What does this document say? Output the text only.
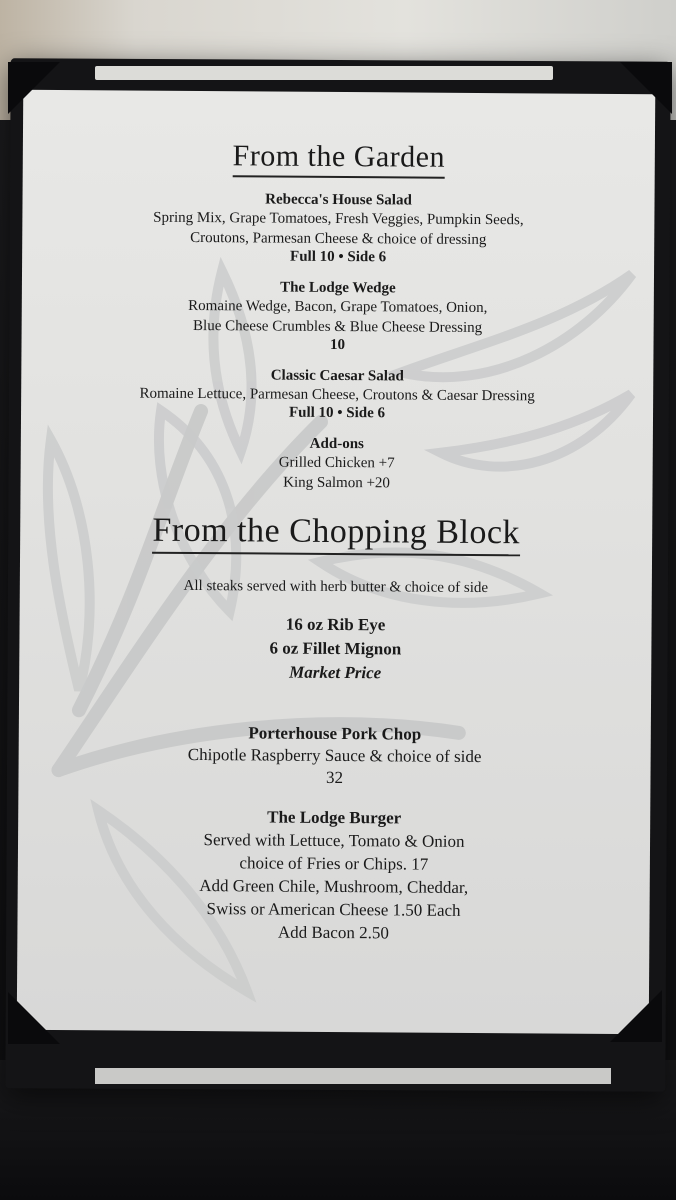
From the Garden
Rebecca's House Salad
Spring Mix, Grape Tomatoes, Fresh Veggies, Pumpkin Seeds,
Croutons, Parmesan Cheese & choice of dressing
Full 10 • Side 6
The Lodge Wedge
Romaine Wedge, Bacon, Grape Tomatoes, Onion,
Blue Cheese Crumbles & Blue Cheese Dressing
10
Classic Caesar Salad
Romaine Lettuce, Parmesan Cheese, Croutons & Caesar Dressing
Full 10 • Side 6
Add-ons
Grilled Chicken +7
King Salmon +20
From the Chopping Block
All steaks served with herb butter & choice of side
16 oz Rib Eye
6 oz Fillet Mignon
Market Price
Porterhouse Pork Chop
Chipotle Raspberry Sauce & choice of side
32
The Lodge Burger
Served with Lettuce, Tomato & Onion
choice of Fries or Chips. 17
Add Green Chile, Mushroom, Cheddar,
Swiss or American Cheese 1.50 Each
Add Bacon 2.50
